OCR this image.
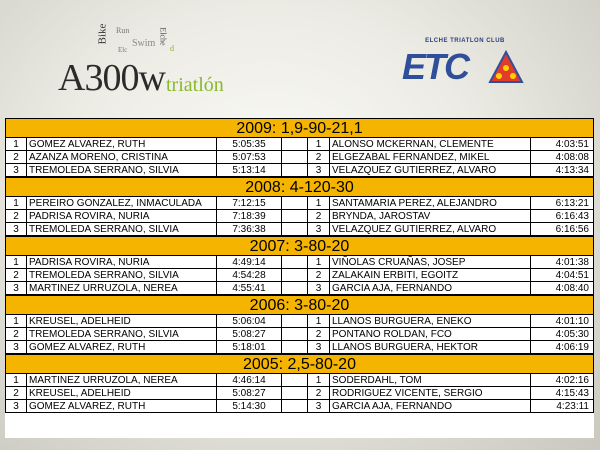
Bike Run
Swim Elche
Elc	d
A300w triatlón
ELCHE TRIATLON CLUB
ETC
2009: 1,9-90-21,1
1	GOMEZ ALVAREZ, RUTH	5:05:35	1	ALONSO MCKERNAN, CLEMENTE	4:03:51
2	AZANZA MORENO, CRISTINA	5:07:53	2	ELGEZABAL FERNANDEZ, MIKEL	4:08:08
3	TREMOLEDA SERRANO, SILVIA	5:13:14	3	VELAZQUEZ GUTIERREZ, ALVARO	4:13:34
2008: 4-120-30
1	PEREIRO GONZALEZ, INMACULADA	7:12:15	1	SANTAMARIA PEREZ, ALEJANDRO	6:13:21
2	PADRISA ROVIRA, NURIA	7:18:39	2	BRYNDA, JAROSTAV	6:16:43
3	TREMOLEDA SERRANO, SILVIA	7:36:38	3	VELAZQUEZ GUTIERREZ, ALVARO	6:16:56
2007: 3-80-20
1	PADRISA ROVIRA, NURIA	4:49:14	1	VIÑOLAS CRUAÑAS, JOSEP	4:01:38
2	TREMOLEDA SERRANO, SILVIA	4:54:28	2	ZALAKAIN ERBITI, EGOITZ	4:04:51
3	MARTINEZ URRUZOLA, NEREA	4:55:41	3	GARCIA AJA, FERNANDO	4:08:40
2006: 3-80-20
1	KREUSEL, ADELHEID	5:06:04	1	LLANOS BURGUERA, ENEKO	4:01:10
2	TREMOLEDA SERRANO, SILVIA	5:08:27	2	PONTANO ROLDAN, FCO	4:05:30
3	GOMEZ ALVAREZ, RUTH	5:18:01	3	LLANOS BURGUERA, HEKTOR	4:06:19
2005: 2,5-80-20
1	MARTINEZ URRUZOLA, NEREA	4:46:14	1	SODERDAHL, TOM	4:02:16
2	KREUSEL, ADELHEID	5:08:27	2	RODRIGUEZ VICENTE, SERGIO	4:15:43
3	GOMEZ ALVAREZ, RUTH	5:14:30	3	GARCIA AJA, FERNANDO	4:23:11
